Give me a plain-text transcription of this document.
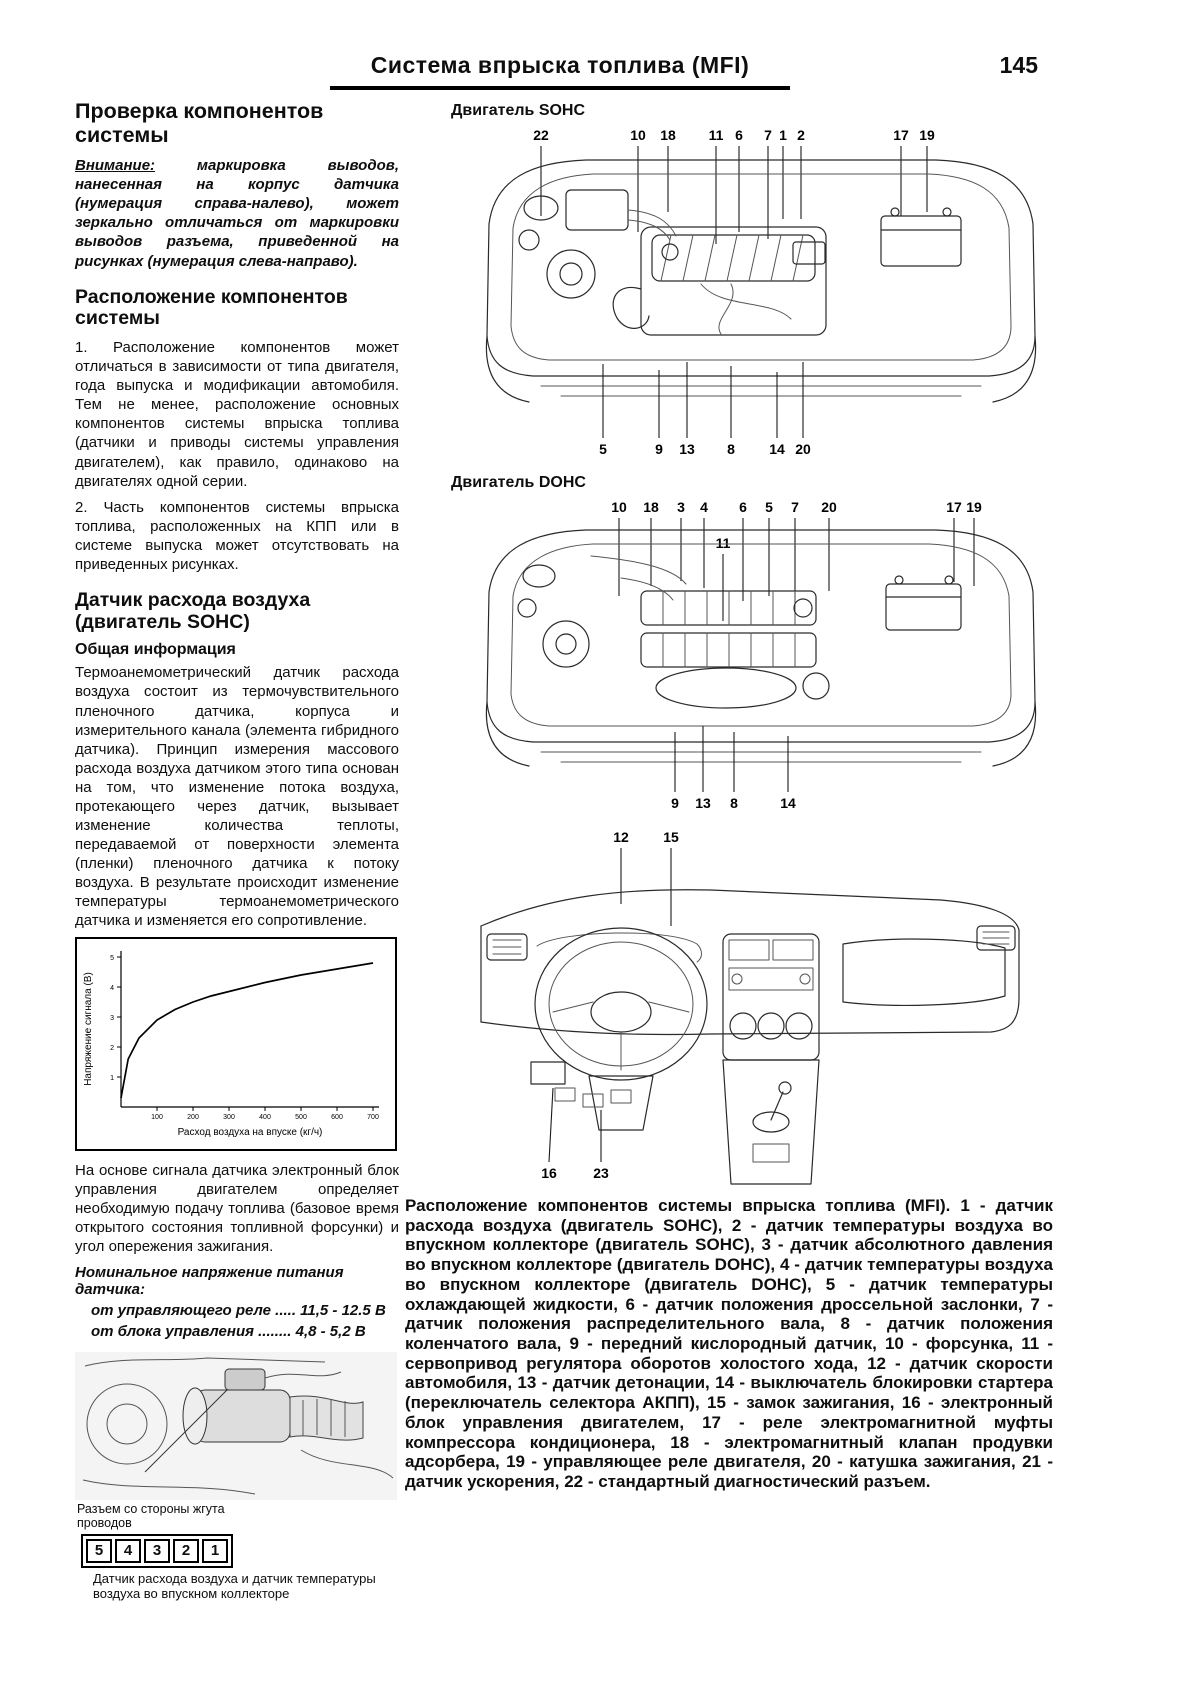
Система впрыска топлива (MFI)	145
Проверка компонентов системы

Внимание: маркировка выводов, нанесенная на корпус датчика (нумерация справа-налево), может зеркально отличаться от маркировки выводов разъема, приведенной на рисунках (нумерация слева-направо).

Расположение компонентов системы

1. Расположение компонентов может отличаться в зависимости от типа двигателя, года выпуска и модификации автомобиля. Тем не менее, расположение основных компонентов системы впрыска топлива (датчики и приводы системы управления двигателем), как правило, одинаково на двигателях одной серии.

2. Часть компонентов системы впрыска топлива, расположенных на КПП или в системе выпуска может отсутствовать на приведенных рисунках.

Датчик расхода воздуха (двигатель SOHC)
Общая информация

Термоанемометрический датчик расхода воздуха состоит из термочувствительного пленочного датчика, корпуса и измерительного канала (элемента гибридного датчика). Принцип измерения массового расхода воздуха датчиком этого типа основан на том, что изменение потока воздуха, протекающего через датчик, вызывает изменение количества теплоты, передаваемой от поверхности элемента (пленки) пленочного датчика к потоку воздуха. В результате происходит изменение температуры термоанемометрического датчика и изменяется его сопротивление.

100	200	300	400	500	600	700
1
2
3
4
5
Расход воздуха на впуске (кг/ч)
Напряжение сигнала (В)

На основе сигнала датчика электронный блок управления двигателем определяет необходимую подачу топлива (базовое время открытого состояния топливной форсунки) и угол опережения зажигания.

Номинальное напряжение питания датчика:

от управляющего реле ..... 11,5 - 12.5 В

от блока управления ........ 4,8 - 5,2 В

Разъем со стороны жгута проводов
5	4	3	2	1
Датчик расхода воздуха и датчик температуры воздуха во впускном коллекторе
Двигатель SOHC
22	10 18 11 6 7 1 2	17 19
5	9 13 8 14 20
Двигатель DOHC
10 18 3 4 6 5 7 20	17 19
11
9 13 8	14
12 15
16	23

Расположение компонентов системы впрыска топлива (MFI). 1 - датчик расхода воздуха (двигатель SOHC), 2 - датчик температуры воздуха во впускном коллекторе (двигатель SOHC), 3 - датчик абсолютного давления во впускном коллекторе (двигатель DOHC), 4 - датчик температуры воздуха во впускном коллекторе (двигатель DOHC), 5 - датчик температуры охлаждающей жидкости, 6 - датчик положения дроссельной заслонки, 7 - датчик положения распределительного вала, 8 - датчик положения коленчатого вала, 9 - передний кислородный датчик, 10 - форсунка, 11 - сервопривод регулятора оборотов холостого хода, 12 - датчик скорости автомобиля, 13 - датчик детонации, 14 - выключатель блокировки стартера (переключатель селектора АКПП), 15 - замок зажигания, 16 - электронный блок управления двигателем, 17 - реле электромагнитной муфты компрессора кондиционера, 18 - электромагнитный клапан продувки адсорбера, 19 - управляющее реле двигателя, 20 - катушка зажигания, 21 - датчик ускорения, 22 - стандартный диагностический разъем.
